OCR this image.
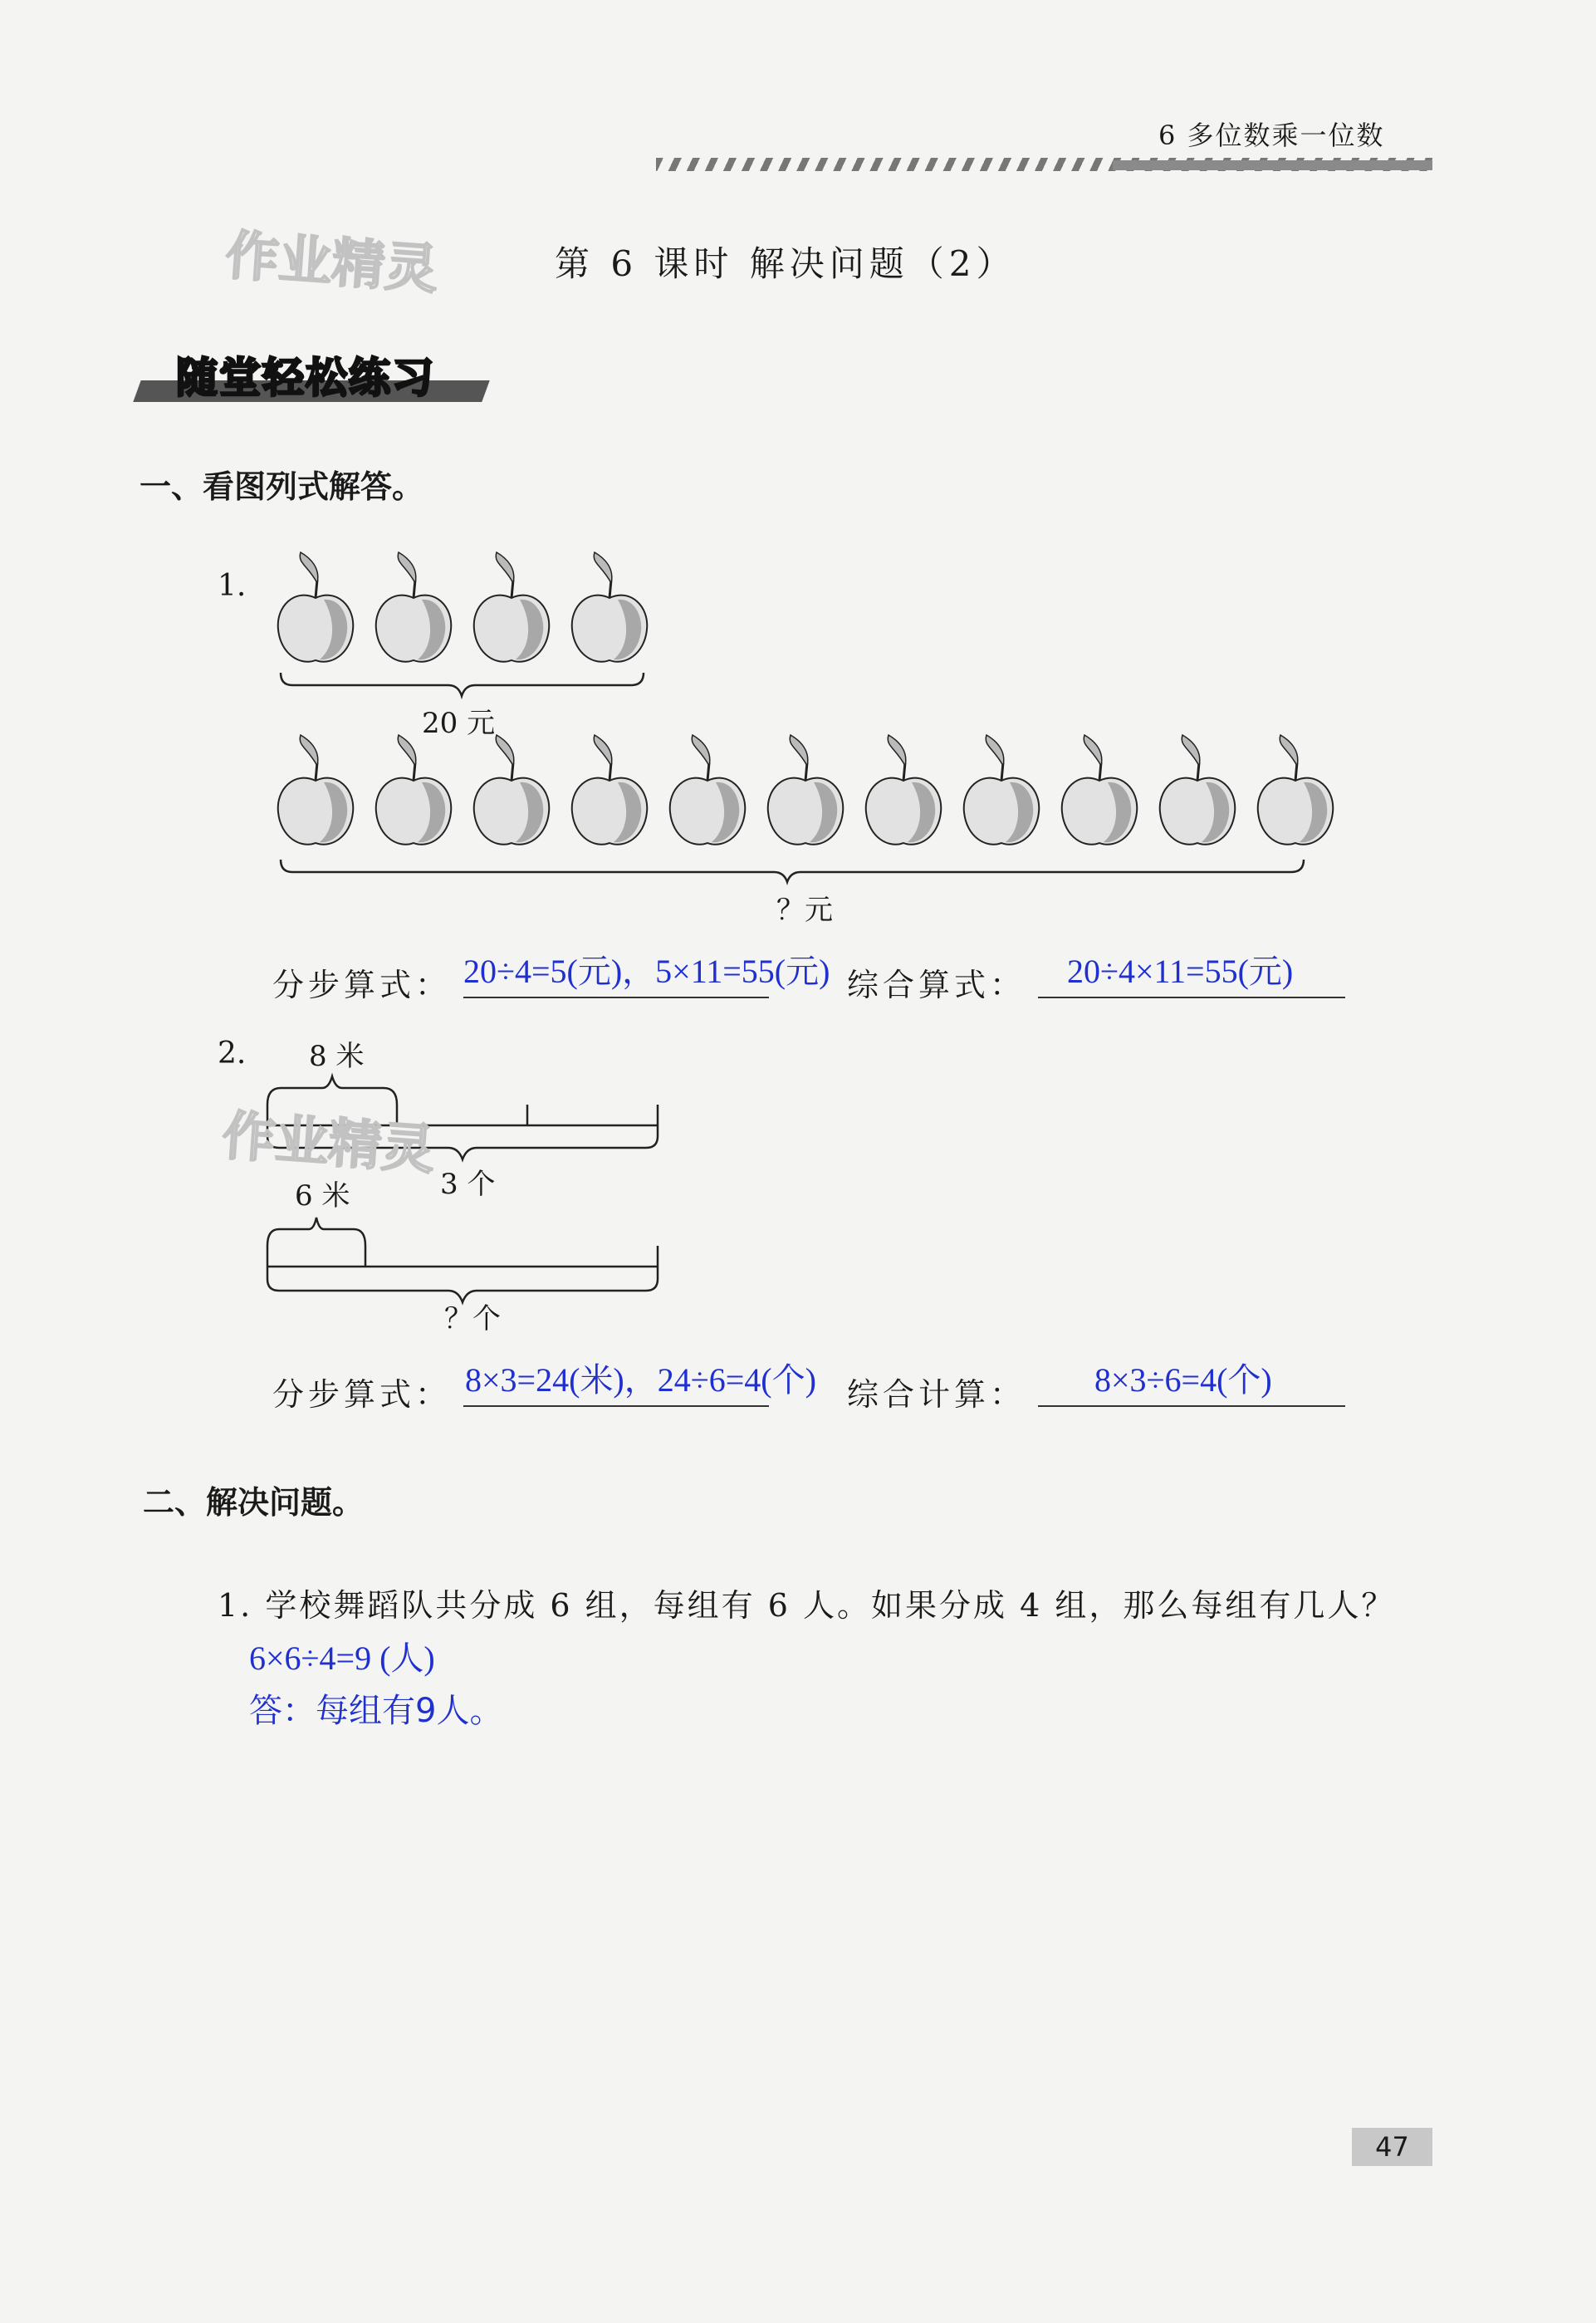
6 多位数乘一位数
作业精灵	第 6 课时 解决问题（2）
随堂轻松练习
一、看图列式解答。
1.
20 元
？元
分步算式： 20÷4=5(元)，5×11=55(元) 综合算式： 20÷4×11=55(元)
2. 8 米
作业精灵
3 个
6 米
？个
分步算式： 8×3=24(米)，24÷6=4(个) 综合计算： 8×3÷6=4(个)
二、解决问题。
1. 学校舞蹈队共分成 6 组，每组有 6 人。如果分成 4 组，那么每组有几人？
6×6÷4=9 (人)
答：每组有9人。
47
